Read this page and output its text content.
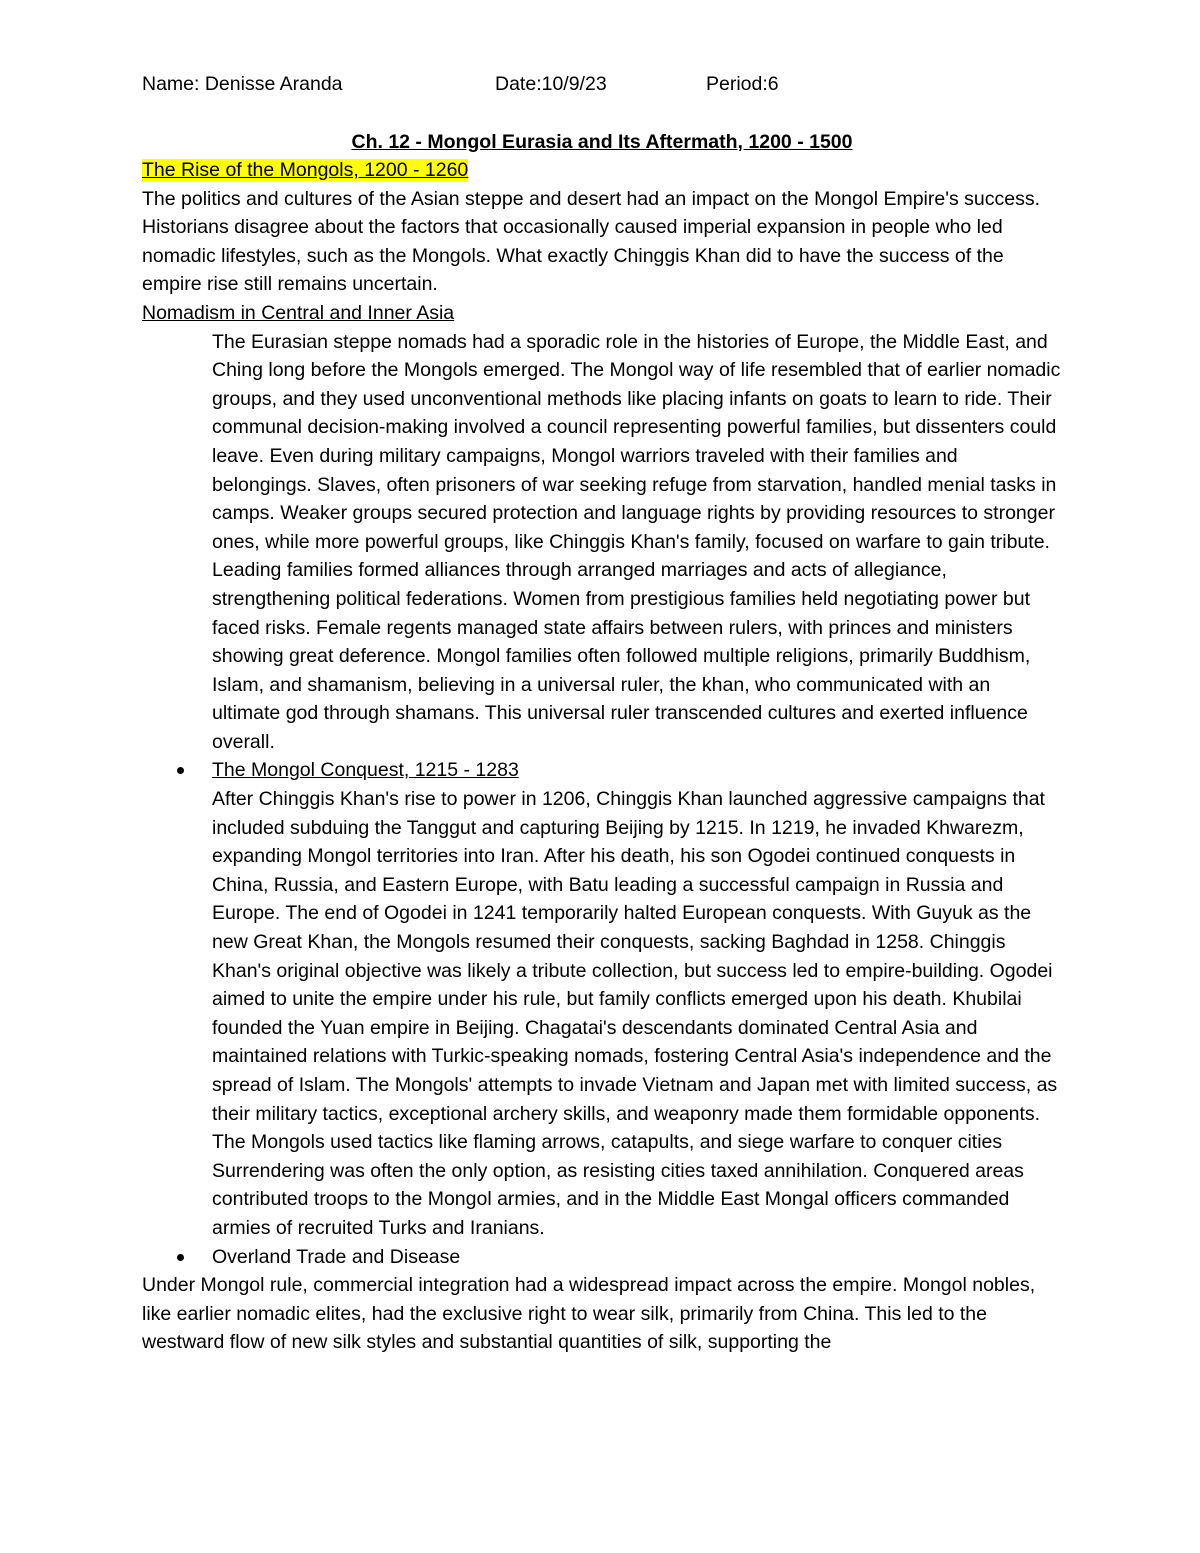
Name: Denisse Aranda	Date:10/9/23	Period:6
Ch. 12 - Mongol Eurasia and Its Aftermath, 1200 - 1500
The Rise of the Mongols, 1200 - 1260

The politics and cultures of the Asian steppe and desert had an impact on the Mongol Empire's success. Historians disagree about the factors that occasionally caused imperial expansion in people who led nomadic lifestyles, such as the Mongols. What exactly Chinggis Khan did to have the success of the empire rise still remains uncertain.

Nomadism in Central and Inner Asia

The Eurasian steppe nomads had a sporadic role in the histories of Europe, the Middle East, and Ching long before the Mongols emerged. The Mongol way of life resembled that of earlier nomadic groups, and they used unconventional methods like placing infants on goats to learn to ride. Their communal decision-making involved a council representing powerful families, but dissenters could leave. Even during military campaigns, Mongol warriors traveled with their families and belongings. Slaves, often prisoners of war seeking refuge from starvation, handled menial tasks in camps. Weaker groups secured protection and language rights by providing resources to stronger ones, while more powerful groups, like Chinggis Khan's family, focused on warfare to gain tribute. Leading families formed alliances through arranged marriages and acts of allegiance, strengthening political federations. Women from prestigious families held negotiating power but faced risks. Female regents managed state affairs between rulers, with princes and ministers showing great deference. Mongol families often followed multiple religions, primarily Buddhism, Islam, and shamanism, believing in a universal ruler, the khan, who communicated with an ultimate god through shamans. This universal ruler transcended cultures and exerted influence overall.

The Mongol Conquest, 1215 - 1283

After Chinggis Khan's rise to power in 1206, Chinggis Khan launched aggressive campaigns that included subduing the Tanggut and capturing Beijing by 1215. In 1219, he invaded Khwarezm, expanding Mongol territories into Iran. After his death, his son Ogodei continued conquests in China, Russia, and Eastern Europe, with Batu leading a successful campaign in Russia and Europe. The end of Ogodei in 1241 temporarily halted European conquests. With Guyuk as the new Great Khan, the Mongols resumed their conquests, sacking Baghdad in 1258. Chinggis Khan's original objective was likely a tribute collection, but success led to empire-building. Ogodei aimed to unite the empire under his rule, but family conflicts emerged upon his death. Khubilai founded the Yuan empire in Beijing. Chagatai's descendants dominated Central Asia and maintained relations with Turkic-speaking nomads, fostering Central Asia's independence and the spread of Islam. The Mongols' attempts to invade Vietnam and Japan met with limited success, as their military tactics, exceptional archery skills, and weaponry made them formidable opponents. The Mongols used tactics like flaming arrows, catapults, and siege warfare to conquer cities Surrendering was often the only option, as resisting cities taxed annihilation. Conquered areas contributed troops to the Mongol armies, and in the Middle East Mongal officers commanded armies of recruited Turks and Iranians.

Overland Trade and Disease

Under Mongol rule, commercial integration had a widespread impact across the empire. Mongol nobles, like earlier nomadic elites, had the exclusive right to wear silk, primarily from China. This led to the westward flow of new silk styles and substantial quantities of silk, supporting the
